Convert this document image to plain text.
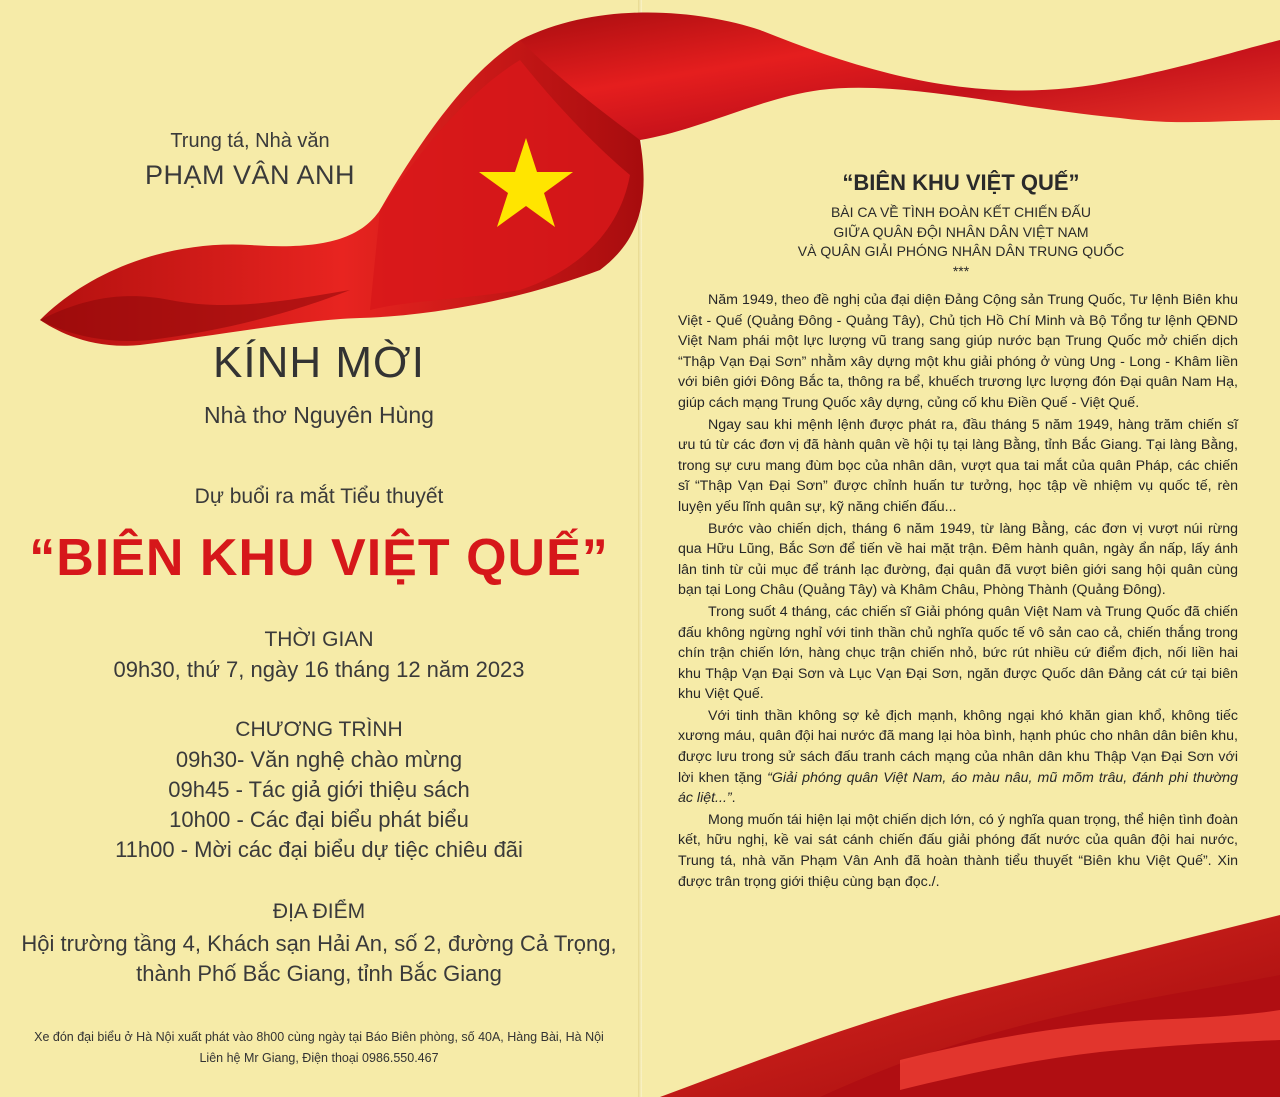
Trung tá, Nhà văn
PHẠM VÂN ANH
KÍNH MỜI
Nhà thơ Nguyên Hùng
Dự buổi ra mắt Tiểu thuyết
“BIÊN KHU VIỆT QUẾ”
THỜI GIAN
09h30, thứ 7, ngày 16 tháng 12 năm 2023
CHƯƠNG TRÌNH
09h30- Văn nghệ chào mừng
09h45 - Tác giả giới thiệu sách
10h00 - Các đại biểu phát biểu
11h00 - Mời các đại biểu dự tiệc chiêu đãi
ĐỊA ĐIỂM
Hội trường tầng 4, Khách sạn Hải An, số 2, đường Cả Trọng,
thành Phố Bắc Giang, tỉnh Bắc Giang
Xe đón đại biểu ở Hà Nội xuất phát vào 8h00 cùng ngày tại Báo Biên phòng, số 40A, Hàng Bài, Hà Nội
Liên hệ Mr Giang, Điện thoại 0986.550.467
“BIÊN KHU VIỆT QUẾ”
BÀI CA VỀ TÌNH ĐOÀN KẾT CHIẾN ĐẤU
GIỮA QUÂN ĐỘI NHÂN DÂN VIỆT NAM
VÀ QUÂN GIẢI PHÓNG NHÂN DÂN TRUNG QUỐC
***

Năm 1949, theo đề nghị của đại diện Đảng Cộng sản Trung Quốc, Tư lệnh Biên khu Việt - Quế (Quảng Đông - Quảng Tây), Chủ tịch Hồ Chí Minh và Bộ Tổng tư lệnh QĐND Việt Nam phái một lực lượng vũ trang sang giúp nước bạn Trung Quốc mở chiến dịch “Thập Vạn Đại Sơn” nhằm xây dựng một khu giải phóng ở vùng Ung - Long - Khâm liền với biên giới Đông Bắc ta, thông ra bể, khuếch trương lực lượng đón Đại quân Nam Hạ, giúp cách mạng Trung Quốc xây dựng, củng cố khu Điền Quế - Việt Quế.

Ngay sau khi mệnh lệnh được phát ra, đầu tháng 5 năm 1949, hàng trăm chiến sĩ ưu tú từ các đơn vị đã hành quân về hội tụ tại làng Bằng, tỉnh Bắc Giang. Tại làng Bằng, trong sự cưu mang đùm bọc của nhân dân, vượt qua tai mắt của quân Pháp, các chiến sĩ “Thập Vạn Đại Sơn” được chỉnh huấn tư tưởng, học tập về nhiệm vụ quốc tế, rèn luyện yếu lĩnh quân sự, kỹ năng chiến đấu...

Bước vào chiến dịch, tháng 6 năm 1949, từ làng Bằng, các đơn vị vượt núi rừng qua Hữu Lũng, Bắc Sơn để tiến về hai mặt trận. Đêm hành quân, ngày ẩn nấp, lấy ánh lân tinh từ củi mục để tránh lạc đường, đại quân đã vượt biên giới sang hội quân cùng bạn tại Long Châu (Quảng Tây) và Khâm Châu, Phòng Thành (Quảng Đông).

Trong suốt 4 tháng, các chiến sĩ Giải phóng quân Việt Nam và Trung Quốc đã chiến đấu không ngừng nghỉ với tinh thần chủ nghĩa quốc tế vô sản cao cả, chiến thắng trong chín trận chiến lớn, hàng chục trận chiến nhỏ, bức rút nhiều cứ điểm địch, nối liền hai khu Thập Vạn Đại Sơn và Lục Vạn Đại Sơn, ngăn được Quốc dân Đảng cát cứ tại biên khu Việt Quế.

Với tinh thần không sợ kẻ địch mạnh, không ngại khó khăn gian khổ, không tiếc xương máu, quân đội hai nước đã mang lại hòa bình, hạnh phúc cho nhân dân biên khu, được lưu trong sử sách đấu tranh cách mạng của nhân dân khu Thập Vạn Đại Sơn với lời khen tặng “Giải phóng quân Việt Nam, áo màu nâu, mũ mõm trâu, đánh phi thường ác liệt...”.

Mong muốn tái hiện lại một chiến dịch lớn, có ý nghĩa quan trọng, thể hiện tình đoàn kết, hữu nghị, kề vai sát cánh chiến đấu giải phóng đất nước của quân đội hai nước, Trung tá, nhà văn Phạm Vân Anh đã hoàn thành tiểu thuyết “Biên khu Việt Quế”. Xin được trân trọng giới thiệu cùng bạn đọc./.
